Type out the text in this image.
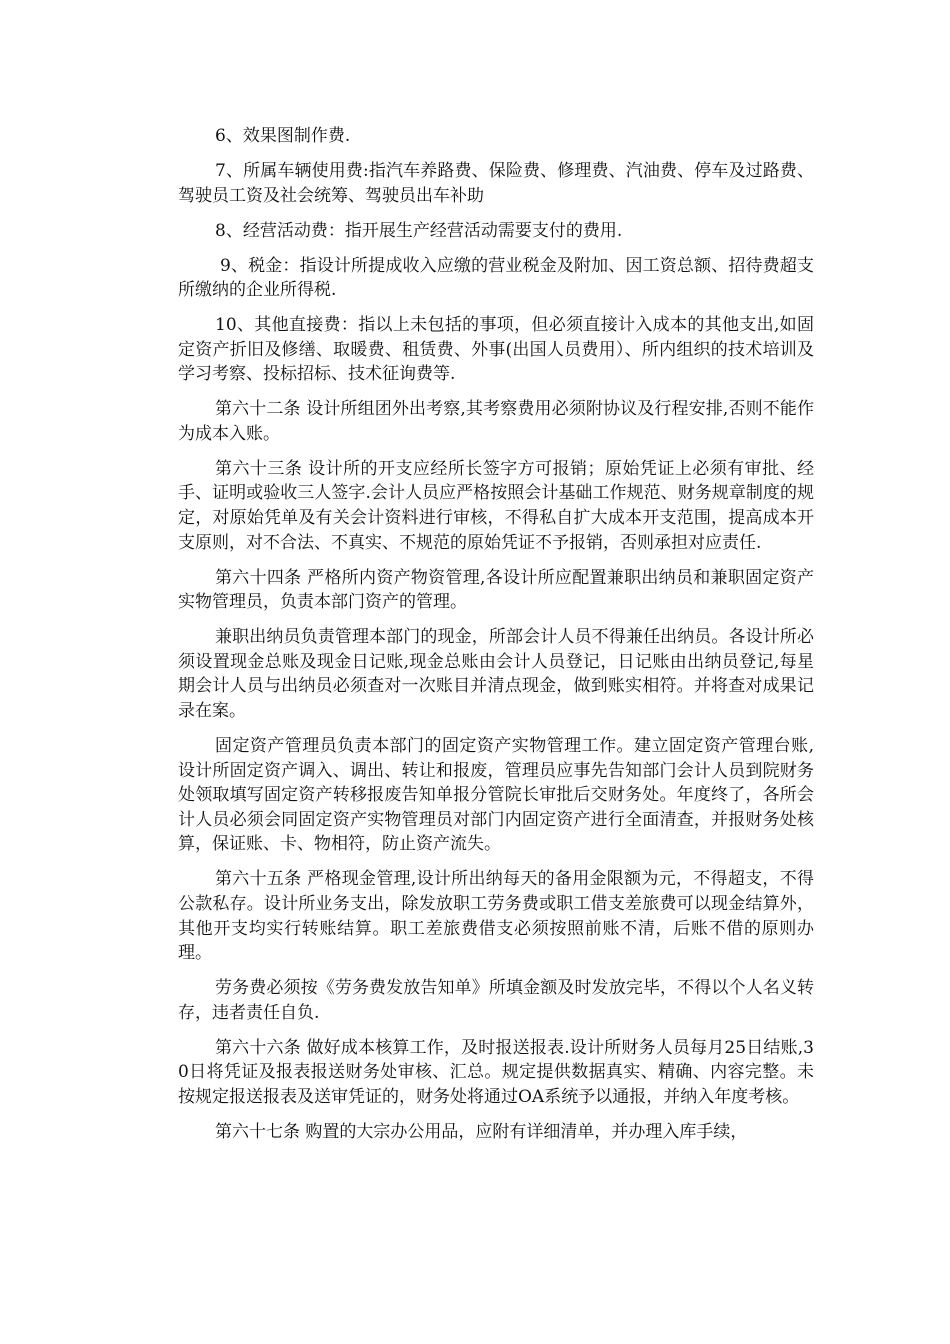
6、效果图制作费.

7、所属车辆使用费:指汽车养路费、保险费、修理费、汽油费、停车及过路费、驾驶员工资及社会统筹、驾驶员出车补助

8、经营活动费：指开展生产经营活动需要支付的费用.

9、税金：指设计所提成收入应缴的营业税金及附加、因工资总额、招待费超支所缴纳的企业所得税.

10、其他直接费：指以上未包括的事项，但必须直接计入成本的其他支出,如固定资产折旧及修缮、取暖费、租赁费、外事(出国人员费用）、所内组织的技术培训及学习考察、投标招标、技术征询费等.

第六十二条 设计所组团外出考察,其考察费用必须附协议及行程安排,否则不能作为成本入账。

第六十三条 设计所的开支应经所长签字方可报销；原始凭证上必须有审批、经手、证明或验收三人签字.会计人员应严格按照会计基础工作规范、财务规章制度的规定，对原始凭单及有关会计资料进行审核，不得私自扩大成本开支范围，提高成本开支原则，对不合法、不真实、不规范的原始凭证不予报销，否则承担对应责任.

第六十四条 严格所内资产物资管理,各设计所应配置兼职出纳员和兼职固定资产实物管理员，负责本部门资产的管理。

兼职出纳员负责管理本部门的现金，所部会计人员不得兼任出纳员。各设计所必须设置现金总账及现金日记账,现金总账由会计人员登记，日记账由出纳员登记,每星期会计人员与出纳员必须查对一次账目并清点现金，做到账实相符。并将查对成果记录在案。

固定资产管理员负责本部门的固定资产实物管理工作。建立固定资产管理台账,设计所固定资产调入、调出、转让和报废，管理员应事先告知部门会计人员到院财务处领取填写固定资产转移报废告知单报分管院长审批后交财务处。年度终了，各所会计人员必须会同固定资产实物管理员对部门内固定资产进行全面清查，并报财务处核算，保证账、卡、物相符，防止资产流失。

第六十五条 严格现金管理,设计所出纳每天的备用金限额为元，不得超支，不得公款私存。设计所业务支出，除发放职工劳务费或职工借支差旅费可以现金结算外，其他开支均实行转账结算。职工差旅费借支必须按照前账不清，后账不借的原则办理。

劳务费必须按《劳务费发放告知单》所填金额及时发放完毕，不得以个人名义转存，违者责任自负.

第六十六条 做好成本核算工作，及时报送报表.设计所财务人员每月25日结账,30日将凭证及报表报送财务处审核、汇总。规定提供数据真实、精确、内容完整。未按规定报送报表及送审凭证的，财务处将通过OA系统予以通报，并纳入年度考核。

第六十七条 购置的大宗办公用品，应附有详细清单，并办理入库手续，
